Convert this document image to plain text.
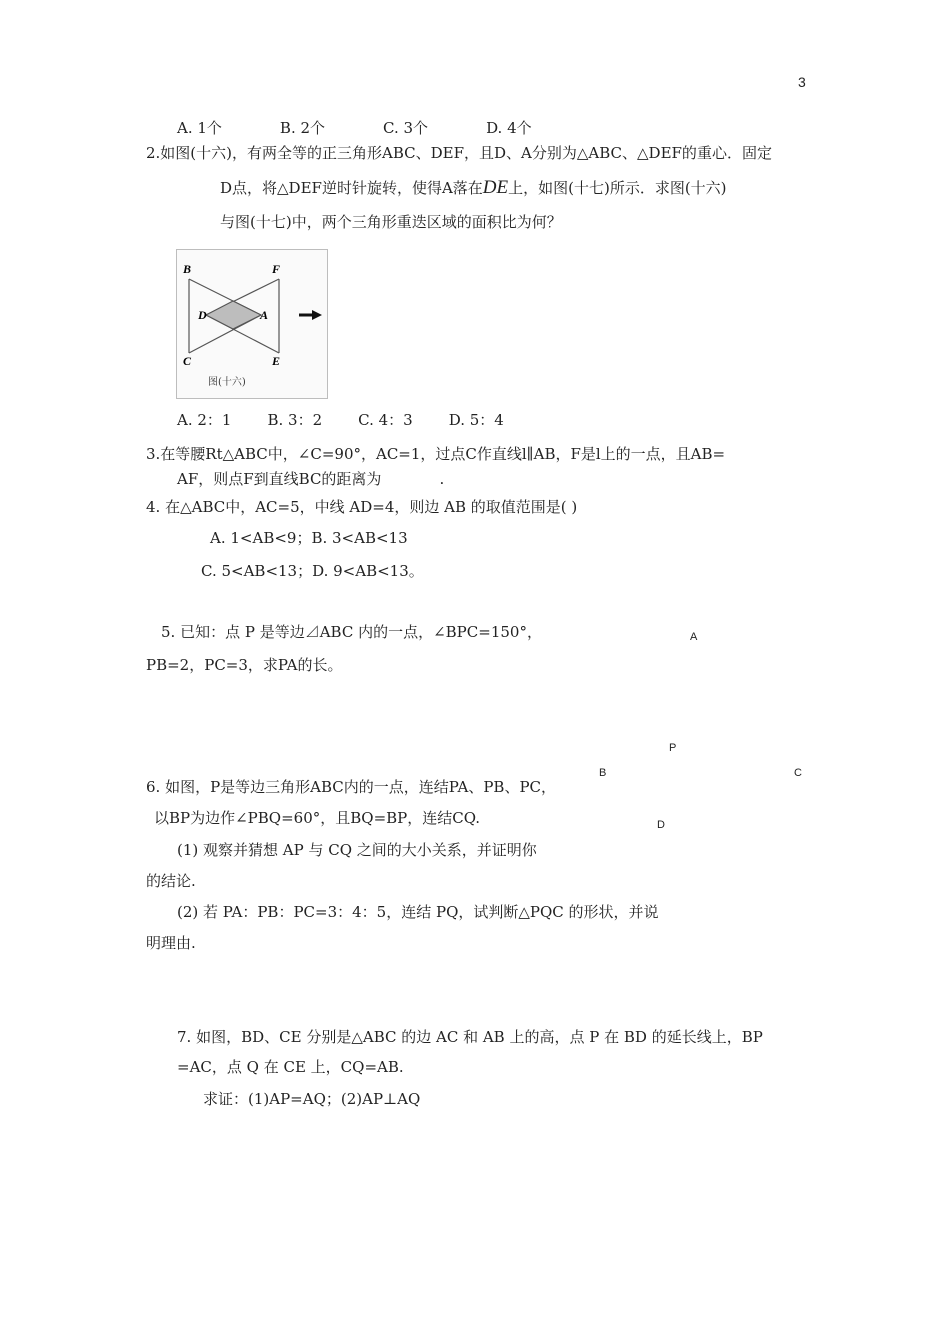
3
A. 1个	B. 2个	C. 3个	D. 4个
2.如图(十六)，有两全等的正三角形ABC、DEF，且D、A分别为△ABC、△DEF的重心．固定
D点，将△DEF逆时针旋转，使得A落在DE上，如图(十七)所示．求图(十六)
与图(十七)中，两个三角形重迭区域的面积比为何？
B	F
D	A
C	E
图(十六)
A. 2：1 B. 3：2 C. 4：3 D. 5：4
3.在等腰Rt△ABC中，∠C=90°，AC=1，过点C作直线l∥AB，F是l上的一点，且AB=
AF，则点F到直线BC的距离为	.
4. 在△ABC中，AC=5，中线 AD=4，则边 AB 的取值范围是( )
A. 1<AB<9；B. 3<AB<13
C. 5<AB<13；D. 9<AB<13。
5. 已知：点 P 是等边⊿ABC 内的一点，∠BPC=150°，
PB=2，PC=3，求PA的长。
A
P
B	C
D
6. 如图，P是等边三角形ABC内的一点，连结PA、PB、PC，
以BP为边作∠PBQ=60°，且BQ=BP，连结CQ.
(1) 观察并猜想 AP 与 CQ 之间的大小关系，并证明你
的结论.
(2) 若 PA：PB：PC=3：4：5，连结 PQ，试判断△PQC 的形状，并说
明理由.
7. 如图，BD、CE 分别是△ABC 的边 AC 和 AB 上的高，点 P 在 BD 的延长线上，BP
=AC，点 Q 在 CE 上，CQ=AB.
求证：(1)AP=AQ；(2)AP⊥AQ
